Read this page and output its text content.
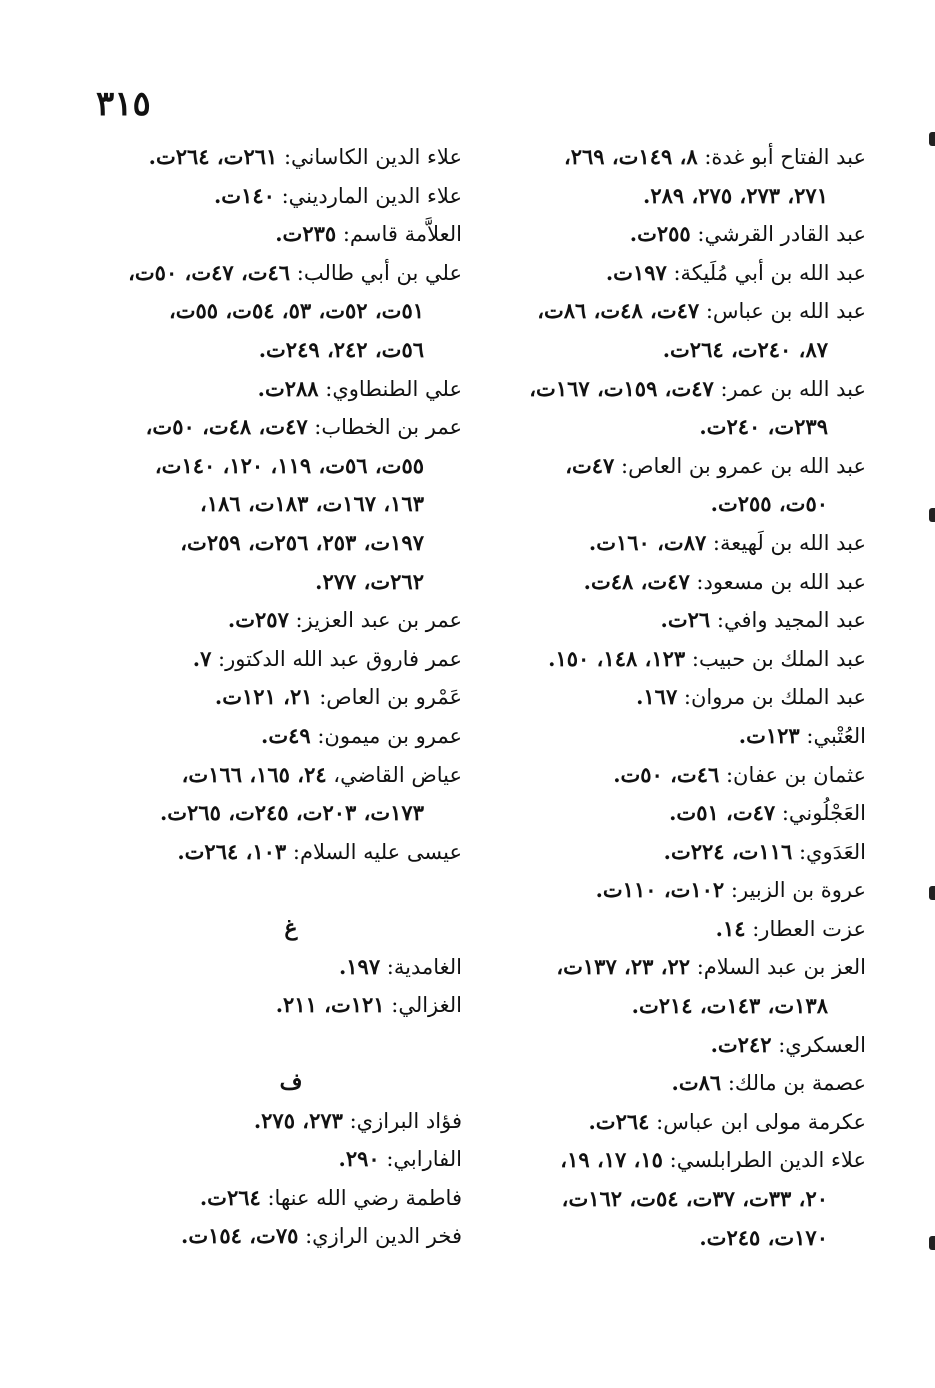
٣١٥
عبد الفتاح أبو غدة: ٨، ١٤٩ت، ٢٦٩،
٢٧١، ٢٧٣، ٢٧٥، ٢٨٩.
عبد القادر القرشي: ٢٥٥ت.
عبد الله بن أبي مُلَيكة: ١٩٧ت.
عبد الله بن عباس: ٤٧ت، ٤٨ت، ٨٦ت،
٨٧، ٢٤٠ت، ٢٦٤ت.
عبد الله بن عمر: ٤٧ت، ١٥٩ت، ١٦٧ت،
٢٣٩ت، ٢٤٠ت.
عبد الله بن عمرو بن العاص: ٤٧ت،
٥٠ت، ٢٥٥ت.
عبد الله بن لَهيعة: ٨٧ت، ١٦٠ت.
عبد الله بن مسعود: ٤٧ت، ٤٨ت.
عبد المجيد وافي: ٢٦ت.
عبد الملك بن حبيب: ١٢٣، ١٤٨، ١٥٠.
عبد الملك بن مروان: ١٦٧.
العُتْبي: ١٢٣ت.
عثمان بن عفان: ٤٦ت، ٥٠ت.
العَجْلُوني: ٤٧ت، ٥١ت.
العَدَوي: ١١٦ت، ٢٢٤ت.
عروة بن الزبير: ١٠٢ت، ١١٠ت.
عزت العطار: ١٤.
العز بن عبد السلام: ٢٢، ٢٣، ١٣٧ت،
١٣٨ت، ١٤٣ت، ٢١٤ت.
العسكري: ٢٤٢ت.
عصمة بن مالك: ٨٦ت.
عكرمة مولى ابن عباس: ٢٦٤ت.
علاء الدين الطرابلسي: ١٥، ١٧، ١٩،
٢٠، ٣٣ت، ٣٧ت، ٥٤ت، ١٦٢ت،
١٧٠ت، ٢٤٥ت.
علاء الدين الكاساني: ٢٦١ت، ٢٦٤ت.
علاء الدين المارديني: ١٤٠ت.
العلاَّمة قاسم: ٢٣٥ت.
علي بن أبي طالب: ٤٦ت، ٤٧ت، ٥٠ت،
٥١ت، ٥٢ت، ٥٣، ٥٤ت، ٥٥ت،
٥٦ت، ٢٤٢، ٢٤٩ت.
علي الطنطاوي: ٢٨٨ت.
عمر بن الخطاب: ٤٧ت، ٤٨ت، ٥٠ت،
٥٥ت، ٥٦ت، ١١٩، ١٢٠، ١٤٠ت،
١٦٣، ١٦٧ت، ١٨٣ت، ١٨٦،
١٩٧ت، ٢٥٣، ٢٥٦ت، ٢٥٩ت،
٢٦٢ت، ٢٧٧.
عمر بن عبد العزيز: ٢٥٧ت.
عمر فاروق عبد الله الدكتور: ٧.
عَمْرو بن العاص: ٢١، ١٢١ت.
عمرو بن ميمون: ٤٩ت.
عياض القاضي، ٢٤، ١٦٥، ١٦٦ت،
١٧٣ت، ٢٠٣ت، ٢٤٥ت، ٢٦٥ت.
عيسى عليه السلام: ١٠٣، ٢٦٤ت.
غ
الغامدية: ١٩٧.
الغزالي: ١٢١ت، ٢١١.
ف
فؤاد البرازي: ٢٧٣، ٢٧٥.
الفارابي: ٢٩٠.
فاطمة رضي الله عنها: ٢٦٤ت.
فخر الدين الرازي: ٧٥ت، ١٥٤ت.
